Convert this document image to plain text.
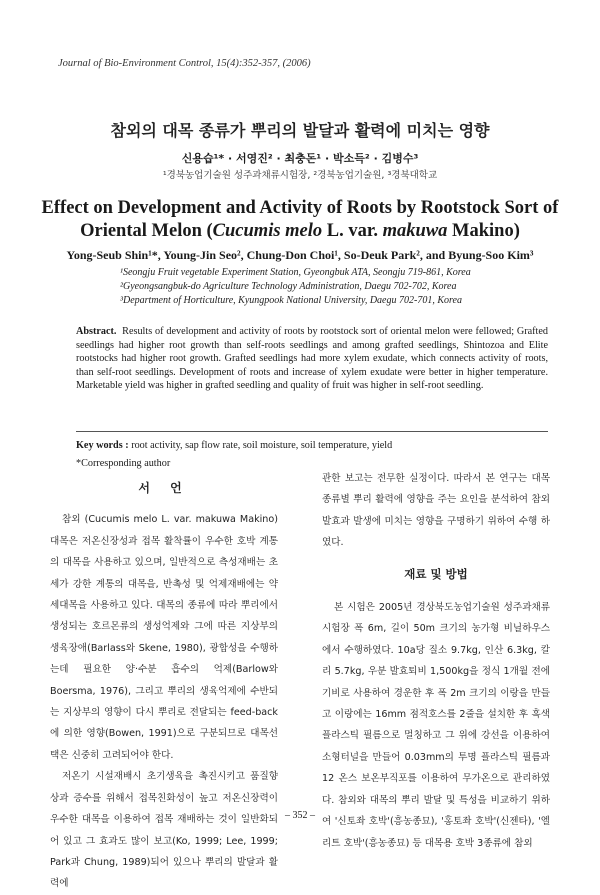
Journal of Bio-Environment Control, 15(4):352-357, (2006)
참외의 대목 종류가 뿌리의 발달과 활력에 미치는 영향
신용습¹* · 서영진² · 최충돈¹ · 박소득² · 김병수³
¹경북농업기술원 성주과채류시험장, ²경북농업기술원, ³경북대학교
Effect on Development and Activity of Roots by Rootstock Sort of
Oriental Melon (Cucumis melo L. var. makuwa Makino)
Yong-Seub Shin¹*, Young-Jin Seo², Chung-Don Choi¹, So-Deuk Park², and Byung-Soo Kim³
¹Seongju Fruit vegetable Experiment Station, Gyeongbuk ATA, Seongju 719-861, Korea
²Gyeongsangbuk-do Agriculture Technology Administration, Daegu 702-702, Korea
³Department of Horticulture, Kyungpook National University, Daegu 702-701, Korea
Abstract. Results of development and activity of roots by rootstock sort of oriental melon were fellowed; Grafted seedlings had higher root growth than self-roots seedlings and among grafted seedlings, Shintozoa and Elite rootstocks had higher root growth. Grafted seedlings had more xylem exudate, which connects activity of roots, than self-root seedlings. Development of roots and increase of xylem exudate were better in higher temperature. Marketable yield was higher in grafted seedling and quality of fruit was higher in self-root seedling.
Key words : root activity, sap flow rate, soil moisture, soil temperature, yield
*Corresponding author
서 언

참외 (Cucumis melo L. var. makuwa Makino) 대목은 저온신장성과 접목 활착률이 우수한 호박 계통의 대목을 사용하고 있으며, 일반적으로 측성재배는 초세가 강한 계통의 대목을, 반촉성 및 억제재배에는 약세대목을 사용하고 있다. 대목의 종류에 따라 뿌리에서 생성되는 호르몬류의 생성억제와 그에 따른 지상부의 생육장애(Barlass와 Skene, 1980), 광합성을 수행하는데 필요한 양·수분 흡수의 억제(Barlow와 Boersma, 1976), 그리고 뿌리의 생육억제에 수반되는 지상부의 영향이 다시 뿌리로 전달되는 feed-back에 의한 영향(Bowen, 1991)으로 구분되므로 대목선택은 신중히 고려되어야 한다.

저온기 시설재배시 초기생육을 촉진시키고 품질향상과 증수를 위해서 접목친화성이 높고 저온신장력이 우수한 대목을 이용하여 접목 재배하는 것이 일반화되어 있고 그 효과도 많이 보고(Ko, 1999; Lee, 1999; Park과 Chung, 1989)되어 있으나 뿌리의 발달과 활력에

관한 보고는 전무한 실정이다. 따라서 본 연구는 대목종류별 뿌리 활력에 영향을 주는 요인을 분석하여 참외 발효과 발생에 미치는 영향을 구명하기 위하여 수행 하였다.

재료 및 방법

본 시험은 2005년 경상북도농업기술원 성주과채류시험장 폭 6m, 길이 50m 크기의 농가형 비닐하우스에서 수행하였다. 10a당 질소 9.7kg, 인산 6.3kg, 칼리 5.7kg, 우분 발효퇴비 1,500kg을 정식 1개월 전에 기비로 사용하여 경운한 후 폭 2m 크기의 이랑을 만들고 이랑에는 16mm 점적호스를 2줄을 설치한 후 흑색 플라스틱 필름으로 멀칭하고 그 위에 강선을 이용하여 소형터널을 만들어 0.03mm의 투명 플라스틱 필름과 12 온스 보온부직포를 이용하여 무가온으로 관리하였다. 참외와 대목의 뿌리 발달 및 특성을 비교하기 위하여 '신토좌 호박'(흥농종묘), '홍토좌 호박'(신젠타), '엘리트 호박'(흥농종묘) 등 대목용 호박 3종류에 참외

– 352 –
